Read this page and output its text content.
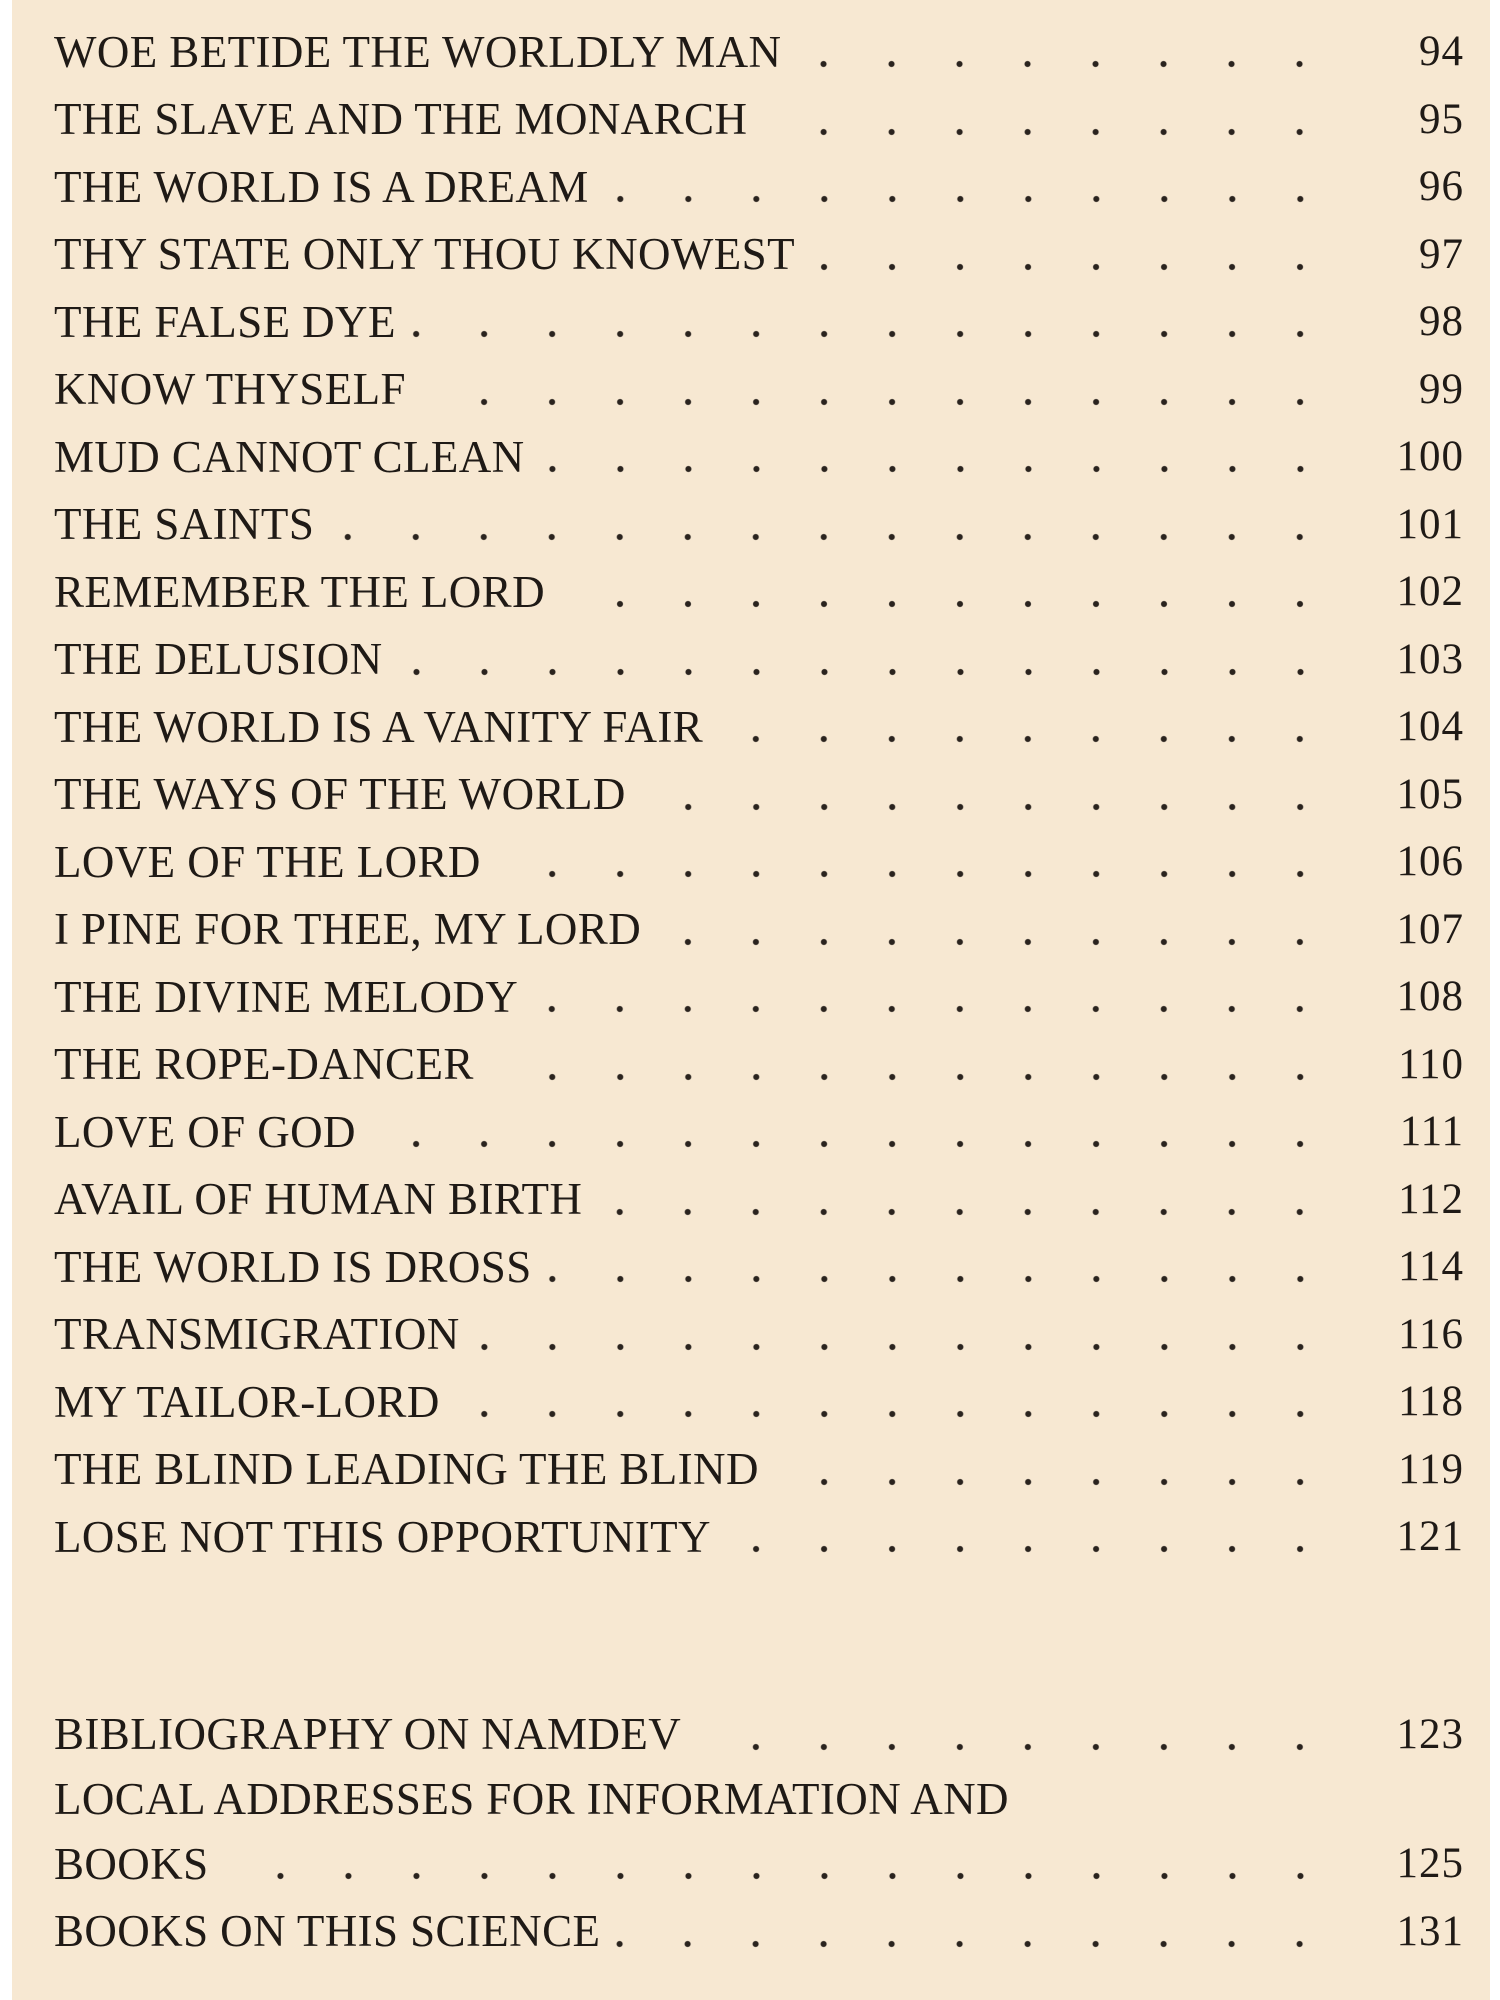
WOE BETIDE THE WORLDLY MAN	94
THE SLAVE AND THE MONARCH	95
THE WORLD IS A DREAM	96
THY STATE ONLY THOU KNOWEST	97
THE FALSE DYE	98
KNOW THYSELF	99
MUD CANNOT CLEAN	100
THE SAINTS	101
REMEMBER THE LORD	102
THE DELUSION	103
THE WORLD IS A VANITY FAIR	104
THE WAYS OF THE WORLD	105
LOVE OF THE LORD	106
I PINE FOR THEE, MY LORD	107
THE DIVINE MELODY	108
THE ROPE-DANCER	110
LOVE OF GOD	111
AVAIL OF HUMAN BIRTH	112
THE WORLD IS DROSS	114
TRANSMIGRATION	116
MY TAILOR-LORD	118
THE BLIND LEADING THE BLIND	119
LOSE NOT THIS OPPORTUNITY	121
BIBLIOGRAPHY ON NAMDEV	123
LOCAL ADDRESSES FOR INFORMATION AND
BOOKS	125
BOOKS ON THIS SCIENCE	131
